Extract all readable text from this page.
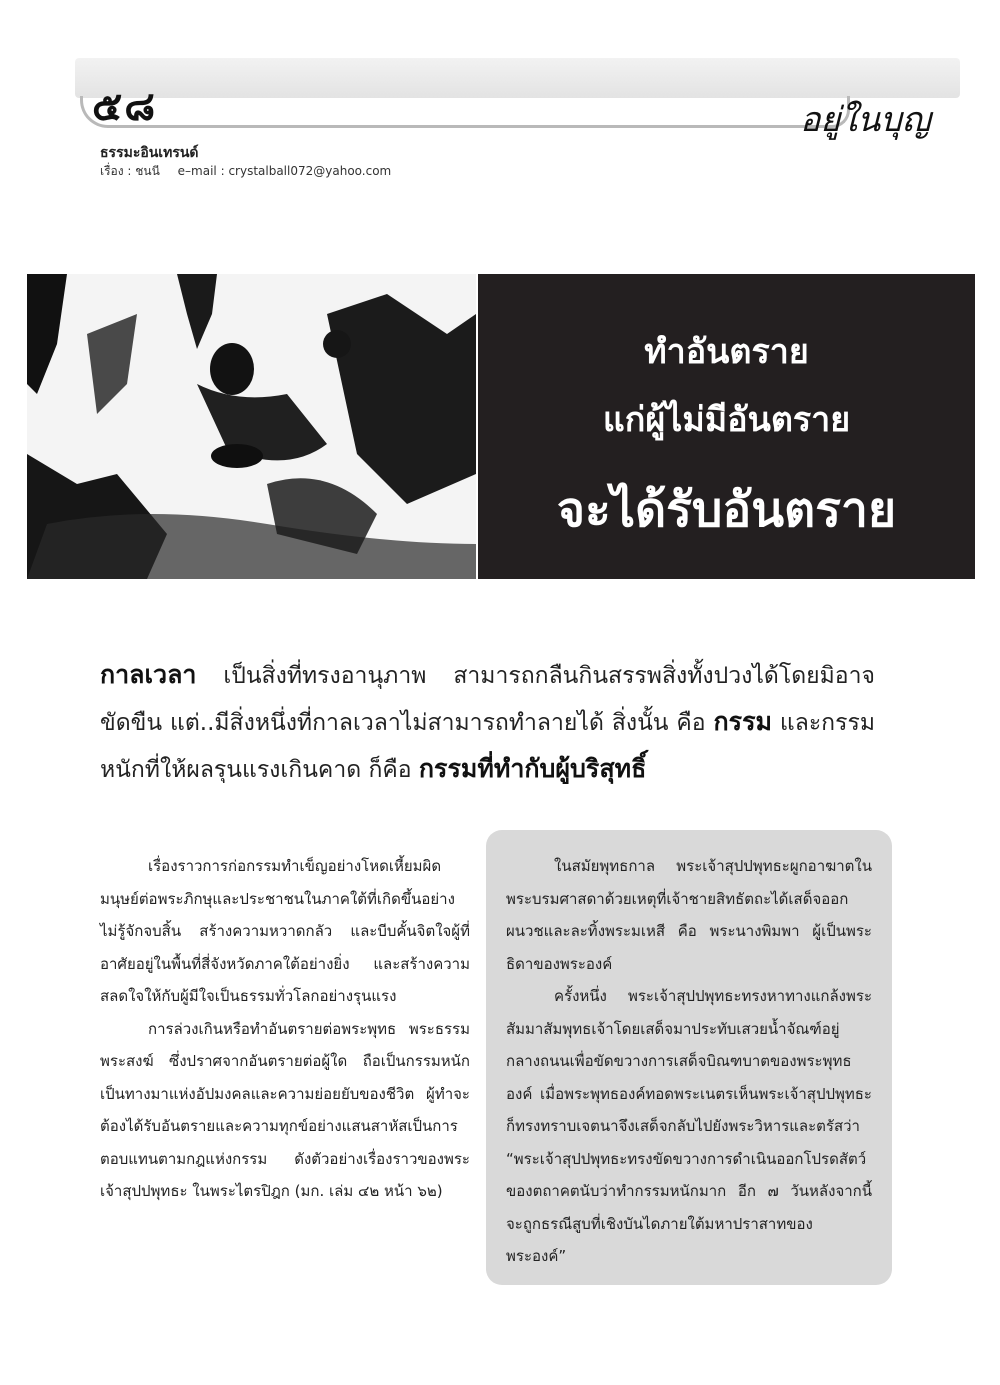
๕๘	อยู่ในบุญ
ธรรมะอินเทรนด์
เรื่อง : ชนนี e–mail : crystalball072@yahoo.com
ทำอันตราย
แก่ผู้ไม่มีอันตราย
จะได้รับอันตราย
กาลเวลา เป็นสิ่งที่ทรงอานุภาพ สามารถกลืนกินสรรพสิ่งทั้งปวงได้โดยมิอาจขัดขืน แต่..มีสิ่งหนึ่งที่กาลเวลาไม่สามารถทำลายได้ สิ่งนั้น คือ กรรม และกรรมหนักที่ให้ผลรุนแรงเกินคาด ก็คือ กรรมที่ทำกับผู้บริสุทธิ์

เรื่องราวการก่อกรรมทำเข็ญอย่างโหดเหี้ยมผิดมนุษย์ต่อพระภิกษุและประชาชนในภาคใต้ที่เกิดขึ้นอย่างไม่รู้จักจบสิ้น สร้างความหวาดกลัว และบีบคั้นจิตใจผู้ที่อาศัยอยู่ในพื้นที่สี่จังหวัดภาคใต้อย่างยิ่ง และสร้างความสลดใจให้กับผู้มีใจเป็นธรรมทั่วโลกอย่างรุนแรง

การล่วงเกินหรือทำอันตรายต่อพระพุทธ พระธรรม พระสงฆ์ ซึ่งปราศจากอันตรายต่อผู้ใด ถือเป็นกรรมหนัก เป็นทางมาแห่งอัปมงคลและความย่อยยับของชีวิต ผู้ทำจะต้องได้รับอันตรายและความทุกข์อย่างแสนสาหัสเป็นการตอบแทนตามกฎแห่งกรรม ดังตัวอย่างเรื่องราวของพระเจ้าสุปปพุทธะ ในพระไตรปิฎก (มก. เล่ม ๔๒ หน้า ๖๒)

ในสมัยพุทธกาล พระเจ้าสุปปพุทธะผูกอาฆาตในพระบรมศาสดาด้วยเหตุที่เจ้าชายสิทธัตถะได้เสด็จออกผนวชและละทิ้งพระมเหสี คือ พระนางพิมพา ผู้เป็นพระธิดาของพระองค์

ครั้งหนึ่ง พระเจ้าสุปปพุทธะทรงหาทางแกล้งพระสัมมาสัมพุทธเจ้าโดยเสด็จมาประทับเสวยน้ำจัณฑ์อยู่กลางถนนเพื่อขัดขวางการเสด็จบิณฑบาตของพระพุทธองค์ เมื่อพระพุทธองค์ทอดพระเนตรเห็นพระเจ้าสุปปพุทธะก็ทรงทราบเจตนาจึงเสด็จกลับไปยังพระวิหารและตรัสว่า “พระเจ้าสุปปพุทธะทรงขัดขวางการดำเนินออกโปรดสัตว์ของตถาคตนับว่าทำกรรมหนักมาก อีก ๗ วันหลังจากนี้ จะถูกธรณีสูบที่เชิงบันไดภายใต้มหาปราสาทของพระองค์”
